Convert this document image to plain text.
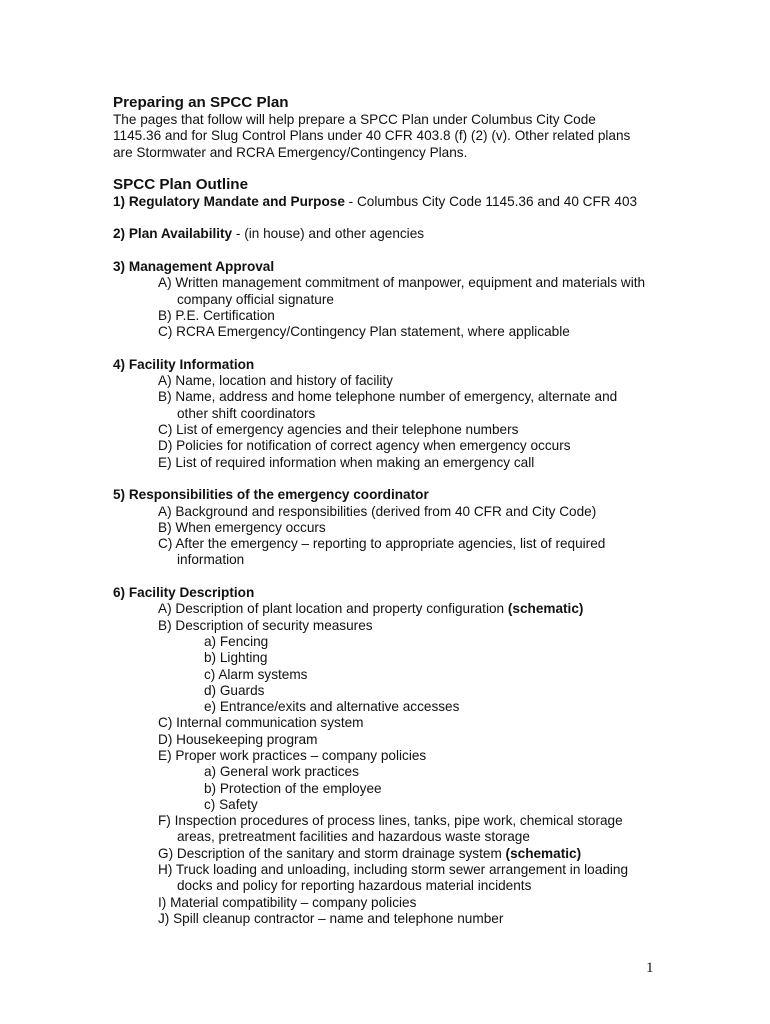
Preparing an SPCC Plan
The pages that follow will help prepare a SPCC Plan under Columbus City Code
1145.36 and for Slug Control Plans under 40 CFR 403.8 (f) (2) (v). Other related plans
are Stormwater and RCRA Emergency/Contingency Plans.
SPCC Plan Outline
1) Regulatory Mandate and Purpose - Columbus City Code 1145.36 and 40 CFR 403
2) Plan Availability - (in house) and other agencies
3) Management Approval
A) Written management commitment of manpower, equipment and materials with
company official signature
B) P.E. Certification
C) RCRA Emergency/Contingency Plan statement, where applicable
4) Facility Information
A) Name, location and history of facility
B) Name, address and home telephone number of emergency, alternate and
other shift coordinators
C) List of emergency agencies and their telephone numbers
D) Policies for notification of correct agency when emergency occurs
E) List of required information when making an emergency call
5) Responsibilities of the emergency coordinator
A) Background and responsibilities (derived from 40 CFR and City Code)
B) When emergency occurs
C) After the emergency – reporting to appropriate agencies, list of required
information
6) Facility Description
A) Description of plant location and property configuration (schematic)
B) Description of security measures
a) Fencing
b) Lighting
c) Alarm systems
d) Guards
e) Entrance/exits and alternative accesses
C) Internal communication system
D) Housekeeping program
E) Proper work practices – company policies
a) General work practices
b) Protection of the employee
c) Safety
F) Inspection procedures of process lines, tanks, pipe work, chemical storage
areas, pretreatment facilities and hazardous waste storage
G) Description of the sanitary and storm drainage system (schematic)
H) Truck loading and unloading, including storm sewer arrangement in loading
docks and policy for reporting hazardous material incidents
I) Material compatibility – company policies
J) Spill cleanup contractor – name and telephone number
1
